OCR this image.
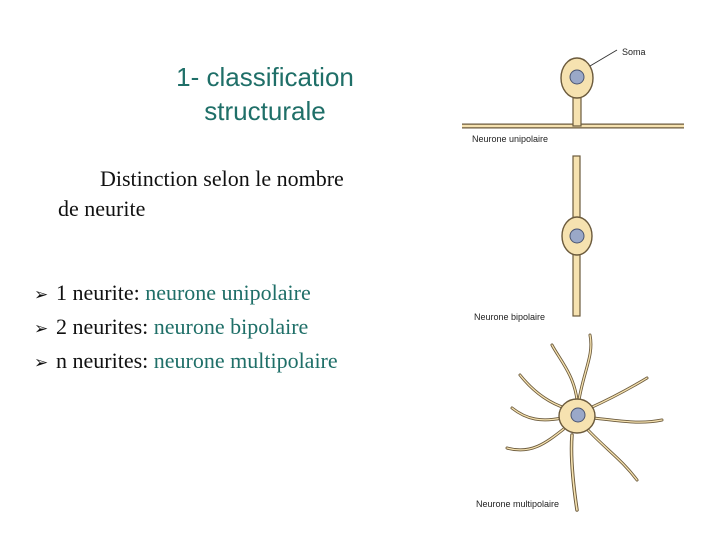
1- classification
structurale
Distinction selon le nombre
de neurite
➢ 1 neurite: neurone unipolaire
➢ 2 neurites: neurone bipolaire
➢ n neurites: neurone multipolaire
Soma
Neurone unipolaire
Neurone bipolaire
Neurone multipolaire
